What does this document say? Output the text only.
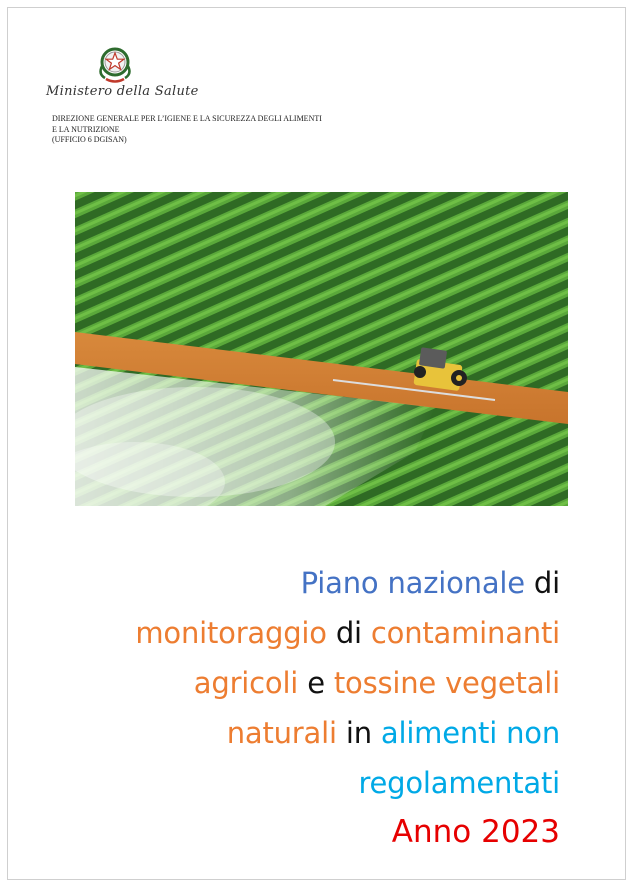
Ministero della Salute
DIREZIONE GENERALE PER L’IGIENE E LA SICUREZZA DEGLI ALIMENTI
E LA NUTRIZIONE
(UFFICIO 6 DGISAN)
Piano nazionale di
monitoraggio di contaminanti
agricoli e tossine vegetali
naturali in alimenti non
regolamentati
Anno 2023
